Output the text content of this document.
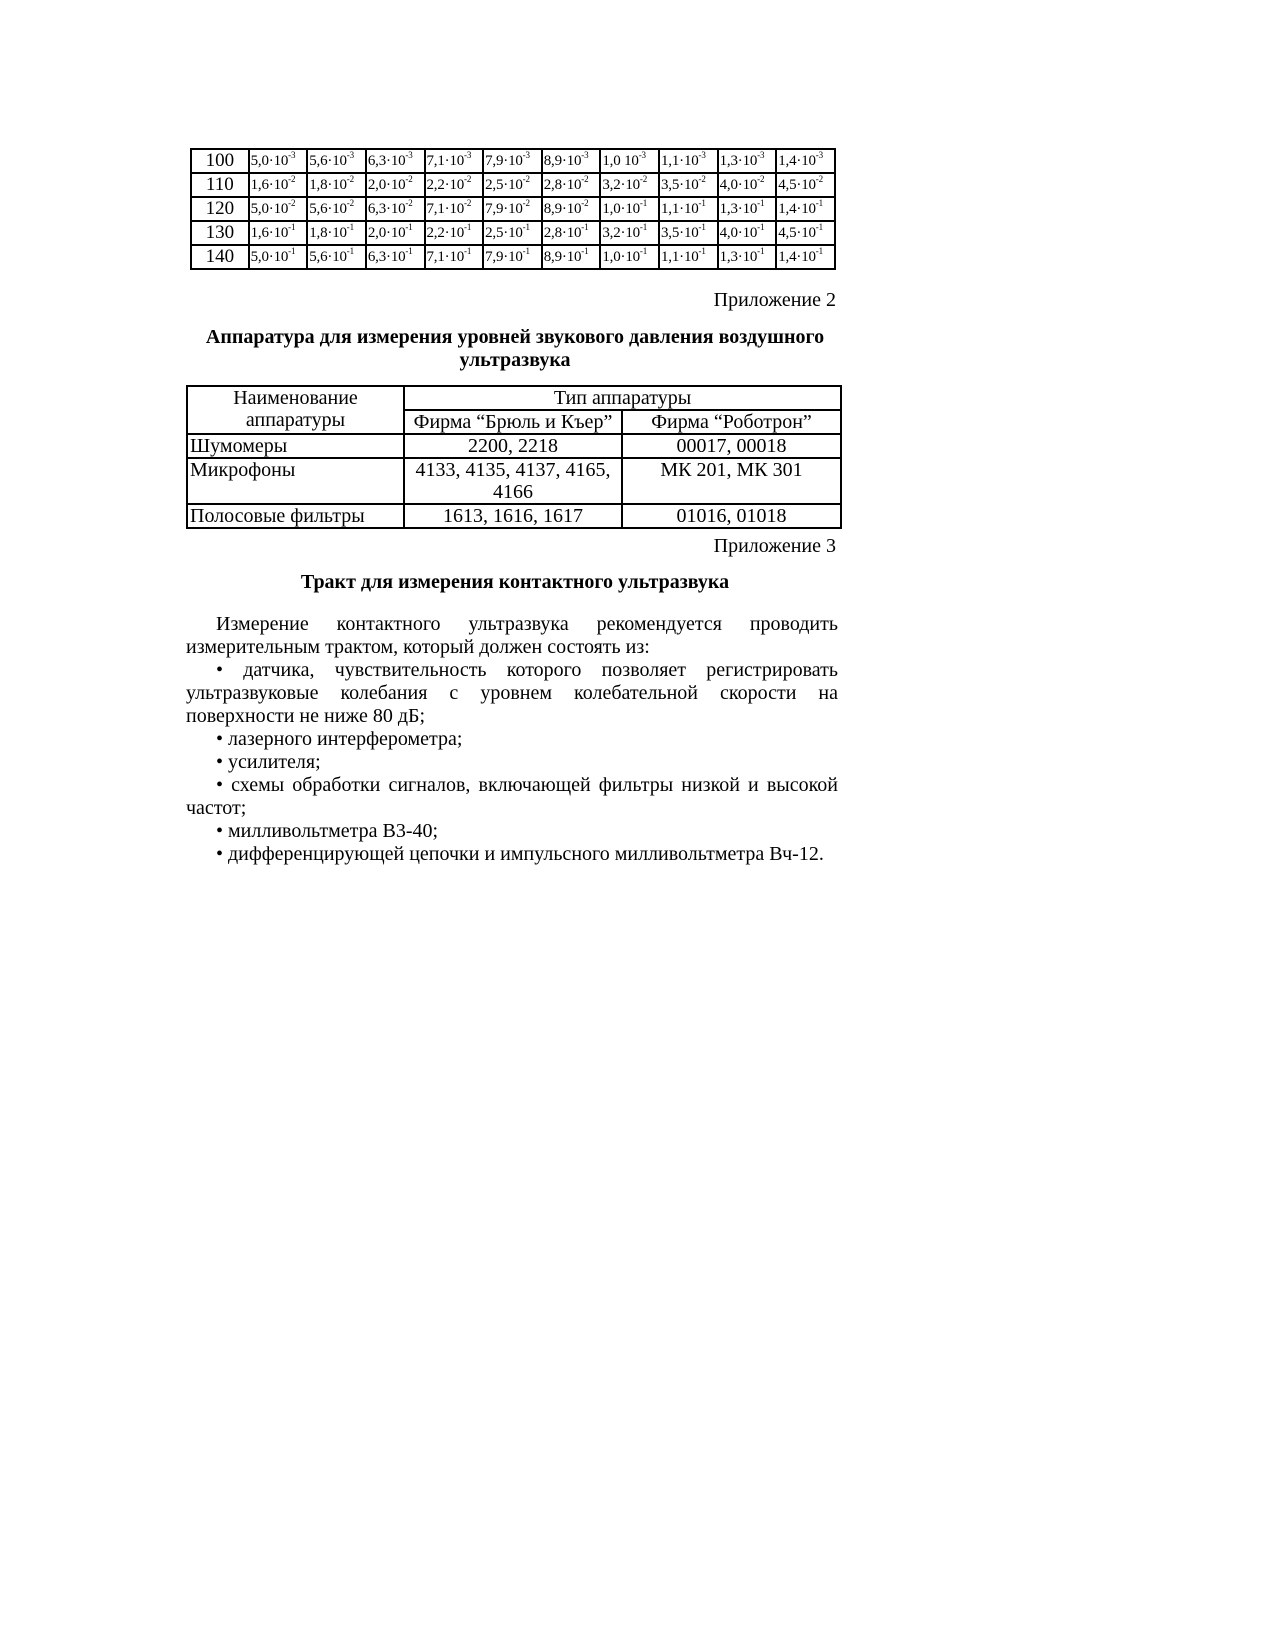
100	$5,0\cdot 10^{-3}$	$5,6\cdot 10^{-3}$	$6,3\cdot 10^{-3}$	$7,1\cdot 10^{-3}$	$7,9\cdot 10^{-3}$	$8,9\cdot 10^{-3}$	1,0 $10^{-3}$	$1,1\cdot 10^{-3}$	$1,3\cdot 10^{-3}$	$1,4\cdot 10^{-3}$
110	$1,6\cdot 10^{-2}$	$1,8\cdot 10^{-2}$	$2,0\cdot 10^{-2}$	$2,2\cdot 10^{-2}$	$2,5\cdot 10^{-2}$	$2,8\cdot 10^{-2}$	$3,2\cdot 10^{-2}$	$3,5\cdot 10^{-2}$	$4,0\cdot 10^{-2}$	$4,5\cdot 10^{-2}$
120	$5,0\cdot 10^{-2}$	$5,6\cdot 10^{-2}$	$6,3\cdot 10^{-2}$	$7,1\cdot 10^{-2}$	$7,9\cdot 10^{-2}$	$8,9\cdot 10^{-2}$	$1,0\cdot 10^{-1}$	$1,1\cdot 10^{-1}$	$1,3\cdot 10^{-1}$	$1,4\cdot 10^{-1}$
130	$1,6\cdot 10^{-1}$	$1,8\cdot 10^{-1}$	$2,0\cdot 10^{-1}$	$2,2\cdot 10^{-1}$	$2,5\cdot 10^{-1}$	$2,8\cdot 10^{-1}$	$3,2\cdot 10^{-1}$	$3,5\cdot 10^{-1}$	$4,0\cdot 10^{-1}$	$4,5\cdot 10^{-1}$
140	$5,0\cdot 10^{-1}$	$5,6\cdot 10^{-1}$	$6,3\cdot 10^{-1}$	$7,1\cdot 10^{-1}$	$7,9\cdot 10^{-1}$	$8,9\cdot 10^{-1}$	$1,0\cdot 10^{-1}$	$1,1\cdot 10^{-1}$	$1,3\cdot 10^{-1}$	$1,4\cdot 10^{-1}$
Приложение 2
Аппаратура для измерения уровней звукового давления воздушного ультразвука
Наименование аппаратуры	Тип аппаратуры	
	Фирма “Брюль и Къер”	Фирма “Роботрон”
Шумомеры	2200, 2218	00017, 00018
Микрофоны	4133, 4135, 4137, 4165, 4166	МК 201, МК 301
Полосовые фильтры	1613, 1616, 1617	01016, 01018
Приложение 3
Тракт для измерения контактного ультразвука

Измерение контактного ультразвука рекомендуется проводить измерительным трактом, который должен состоять из:

• датчика, чувствительность которого позволяет регистрировать ультразвуковые колебания с уровнем колебательной скорости на поверхности не ниже 80 дБ;

• лазерного интерферометра;

• усилителя;

• схемы обработки сигналов, включающей фильтры низкой и высокой частот;

• милливольтметра В3-40;

• дифференцирующей цепочки и импульсного милливольтметра Вч-12.
